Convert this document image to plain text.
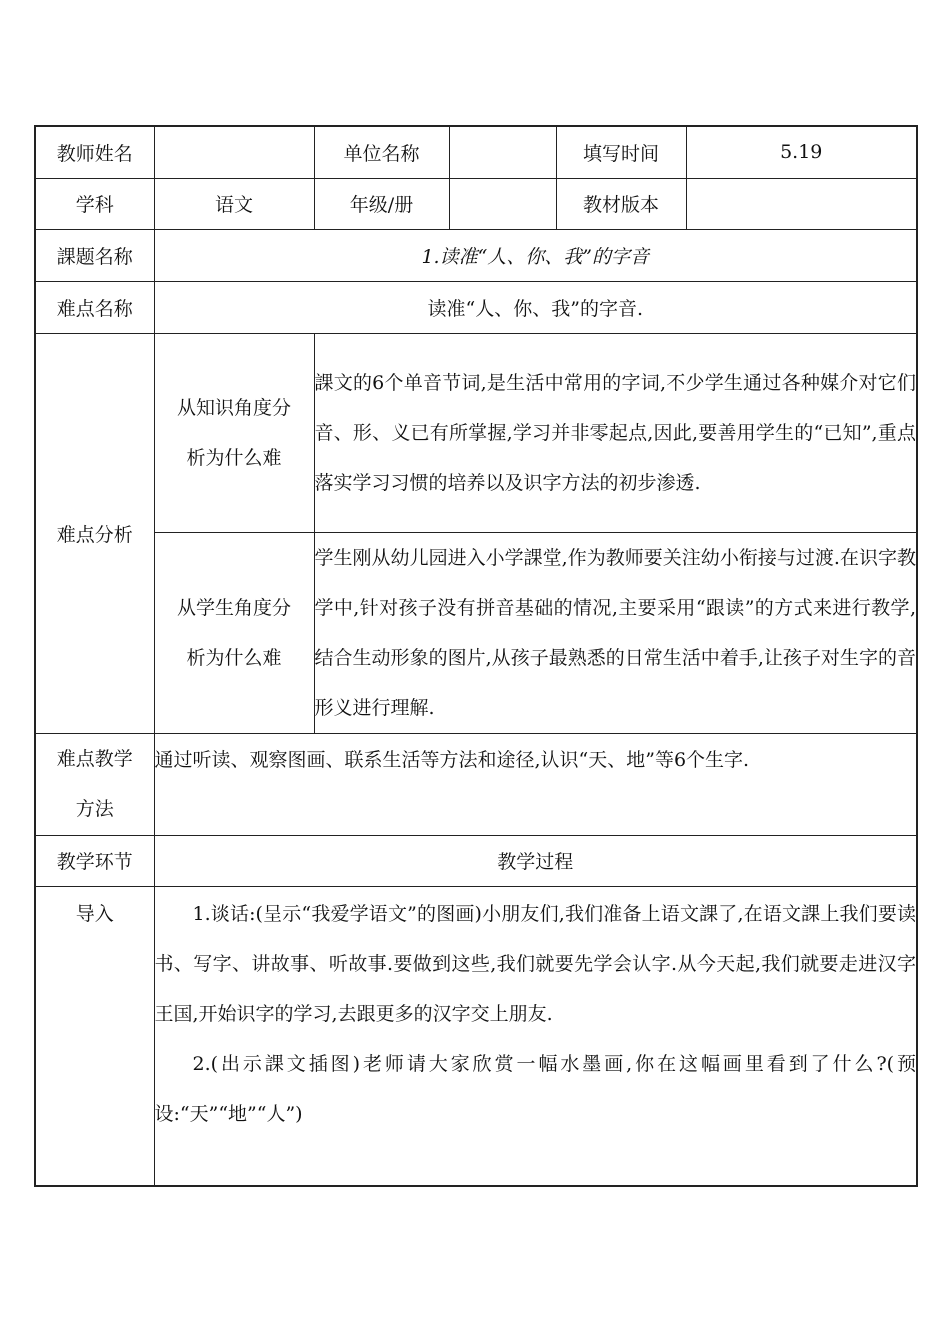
教师姓名		单位名称		填写时间	5.19
学科	语文	年级/册		教材版本	
課题名称	1.读准“人、你、我”的字音				
难点名称	读准“人、你、我”的字音.				
难点分析	从知识角度分析为什么难	課文的6个单音节词,是生活中常用的字词,不少学生通过各种媒介对它们音、形、义已有所掌握,学习并非零起点,因此,要善用学生的“已知”,重点落实学习习惯的培养以及识字方法的初步渗透.			
	从学生角度分析为什么难	学生刚从幼儿园进入小学課堂,作为教师要关注幼小衔接与过渡.在识字教学中,针对孩子没有拼音基础的情况,主要采用“跟读”的方式来进行教学,结合生动形象的图片,从孩子最熟悉的日常生活中着手,让孩子对生字的音形义进行理解.			
难点教学方法	通过听读、观察图画、联系生活等方法和途径,认识“天、地”等6个生字.				
教学环节	教学过程				
导入	1.谈话:(呈示“我爱学语文”的图画)小朋友们,我们准备上语文課了,在语文課上我们要读书、写字、讲故事、听故事.要做到这些,我们就要先学会认字.从今天起,我们就要走进汉字王国,开始识字的学习,去跟更多的汉字交上朋友.

2.(出示課文插图)老师请大家欣赏一幅水墨画,你在这幅画里看到了什么?(预设:“天”“地”“人”)				
